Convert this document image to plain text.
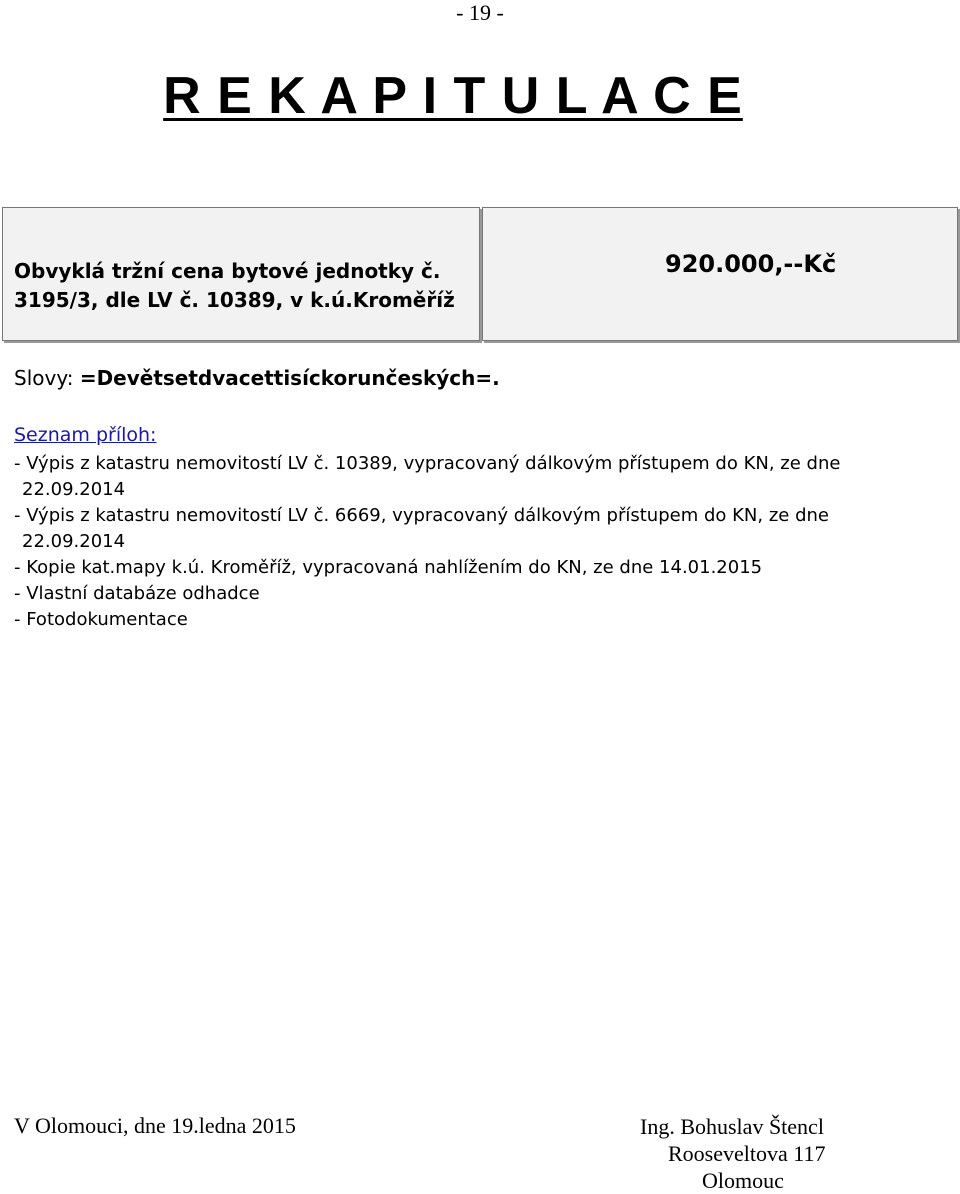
- 19 -
R E K A P I T U L A C E
Obvyklá tržní cena bytové jednotky č.
3195/3, dle LV č. 10389, v k.ú.Kroměříž
920.000,--Kč
Slovy: =Devětsetdvacettisíckorunčeských=.
Seznam příloh:
- Výpis z katastru nemovitostí LV č. 10389, vypracovaný dálkovým přístupem do KN, ze dne
22.09.2014
- Výpis z katastru nemovitostí LV č. 6669, vypracovaný dálkovým přístupem do KN, ze dne
22.09.2014
- Kopie kat.mapy k.ú. Kroměříž, vypracovaná nahlížením do KN, ze dne 14.01.2015
- Vlastní databáze odhadce
- Fotodokumentace
V Olomouci, dne 19.ledna 2015	Ing. Bohuslav Štencl
Rooseveltova 117
Olomouc
